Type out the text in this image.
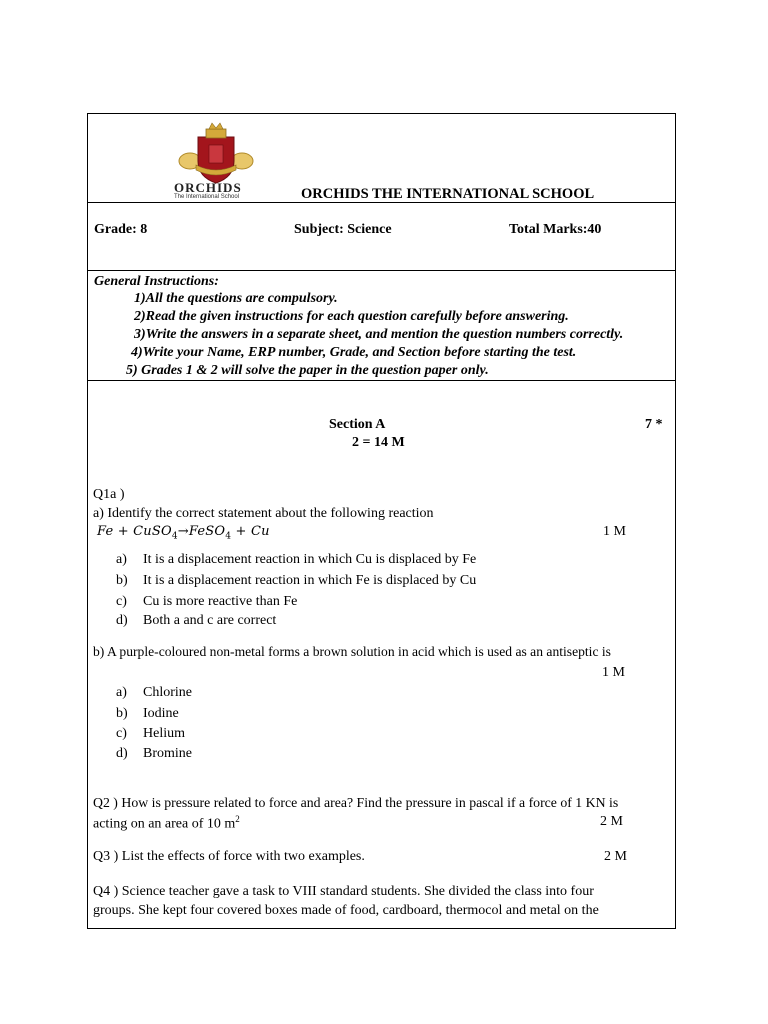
ORCHIDS
The International School	ORCHIDS THE INTERNATIONAL SCHOOL
Grade: 8	Subject: Science	Total Marks:40
General Instructions:
1)All the questions are compulsory.
2)Read the given instructions for each question carefully before answering.
3)Write the answers in a separate sheet, and mention the question numbers correctly.
4)Write your Name, ERP number, Grade, and Section before starting the test.
5) Grades 1 & 2 will solve the paper in the question paper only.
Section A	7 *
2 = 14 M
Q1a )
a) Identify the correct statement about the following reaction
Fe + CuSO$_4$→FeSO$_4$ + Cu	1 M
a) It is a displacement reaction in which Cu is displaced by Fe
b) It is a displacement reaction in which Fe is displaced by Cu
c) Cu is more reactive than Fe
d) Both a and c are correct
b) A purple-coloured non-metal forms a brown solution in acid which is used as an antiseptic is
1 M
a) Chlorine
b) Iodine
c) Helium
d) Bromine
Q2 ) How is pressure related to force and area? Find the pressure in pascal if a force of 1 KN is
acting on an area of 10 $m^2$	2 M
Q3 ) List the effects of force with two examples.	2 M
Q4 ) Science teacher gave a task to VIII standard students. She divided the class into four
groups. She kept four covered boxes made of food, cardboard, thermocol and metal on the
